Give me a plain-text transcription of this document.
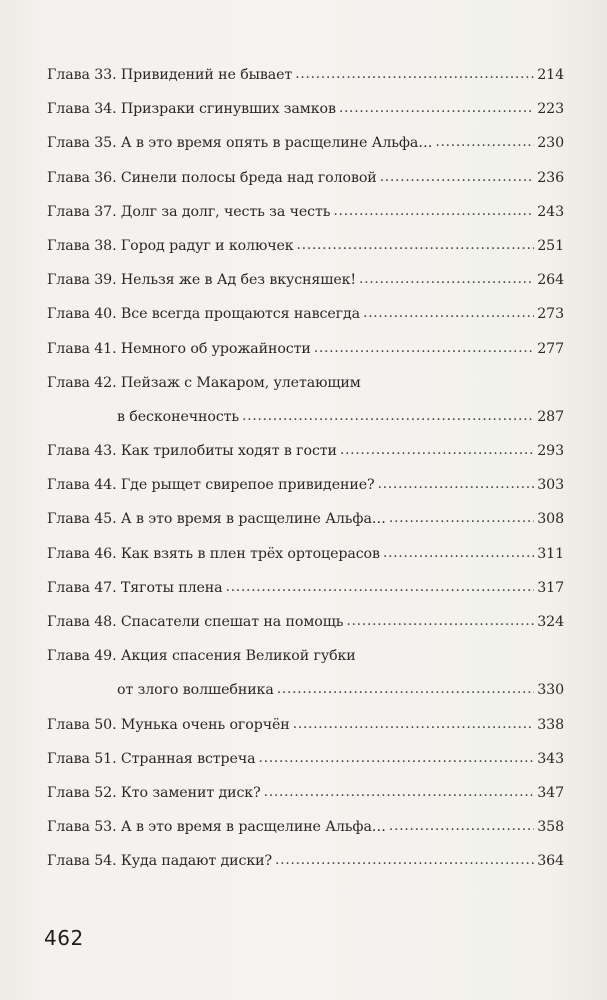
Глава 33. Привидений не бывает .....	214
Глава 34. Призраки сгинувших замков .....	223
Глава 35. А в это время опять в расщелине Альфа… .....	230
Глава 36. Синели полосы бреда над головой .....	236
Глава 37. Долг за долг, честь за честь .....	243
Глава 38. Город радуг и колючек .....	251
Глава 39. Нельзя же в Ад без вкусняшек! .....	264
Глава 40. Все всегда прощаются навсегда .....	273
Глава 41. Немного об урожайности .....	277
Глава 42. Пейзаж с Макаром, улетающим
в бесконечность .....	287
Глава 43. Как трилобиты ходят в гости .....	293
Глава 44. Где рыщет свирепое привидение? .....	303
Глава 45. А в это время в расщелине Альфа… .....	308
Глава 46. Как взять в плен трёх ортоцерасов .....	311
Глава 47. Тяготы плена .....	317
Глава 48. Спасатели спешат на помощь .....	324
Глава 49. Акция спасения Великой губки
от злого волшебника .....	330
Глава 50. Мунька очень огорчён .....	338
Глава 51. Странная встреча .....	343
Глава 52. Кто заменит диск? .....	347
Глава 53. А в это время в расщелине Альфа… .....	358
Глава 54. Куда падают диски? .....	364
462
